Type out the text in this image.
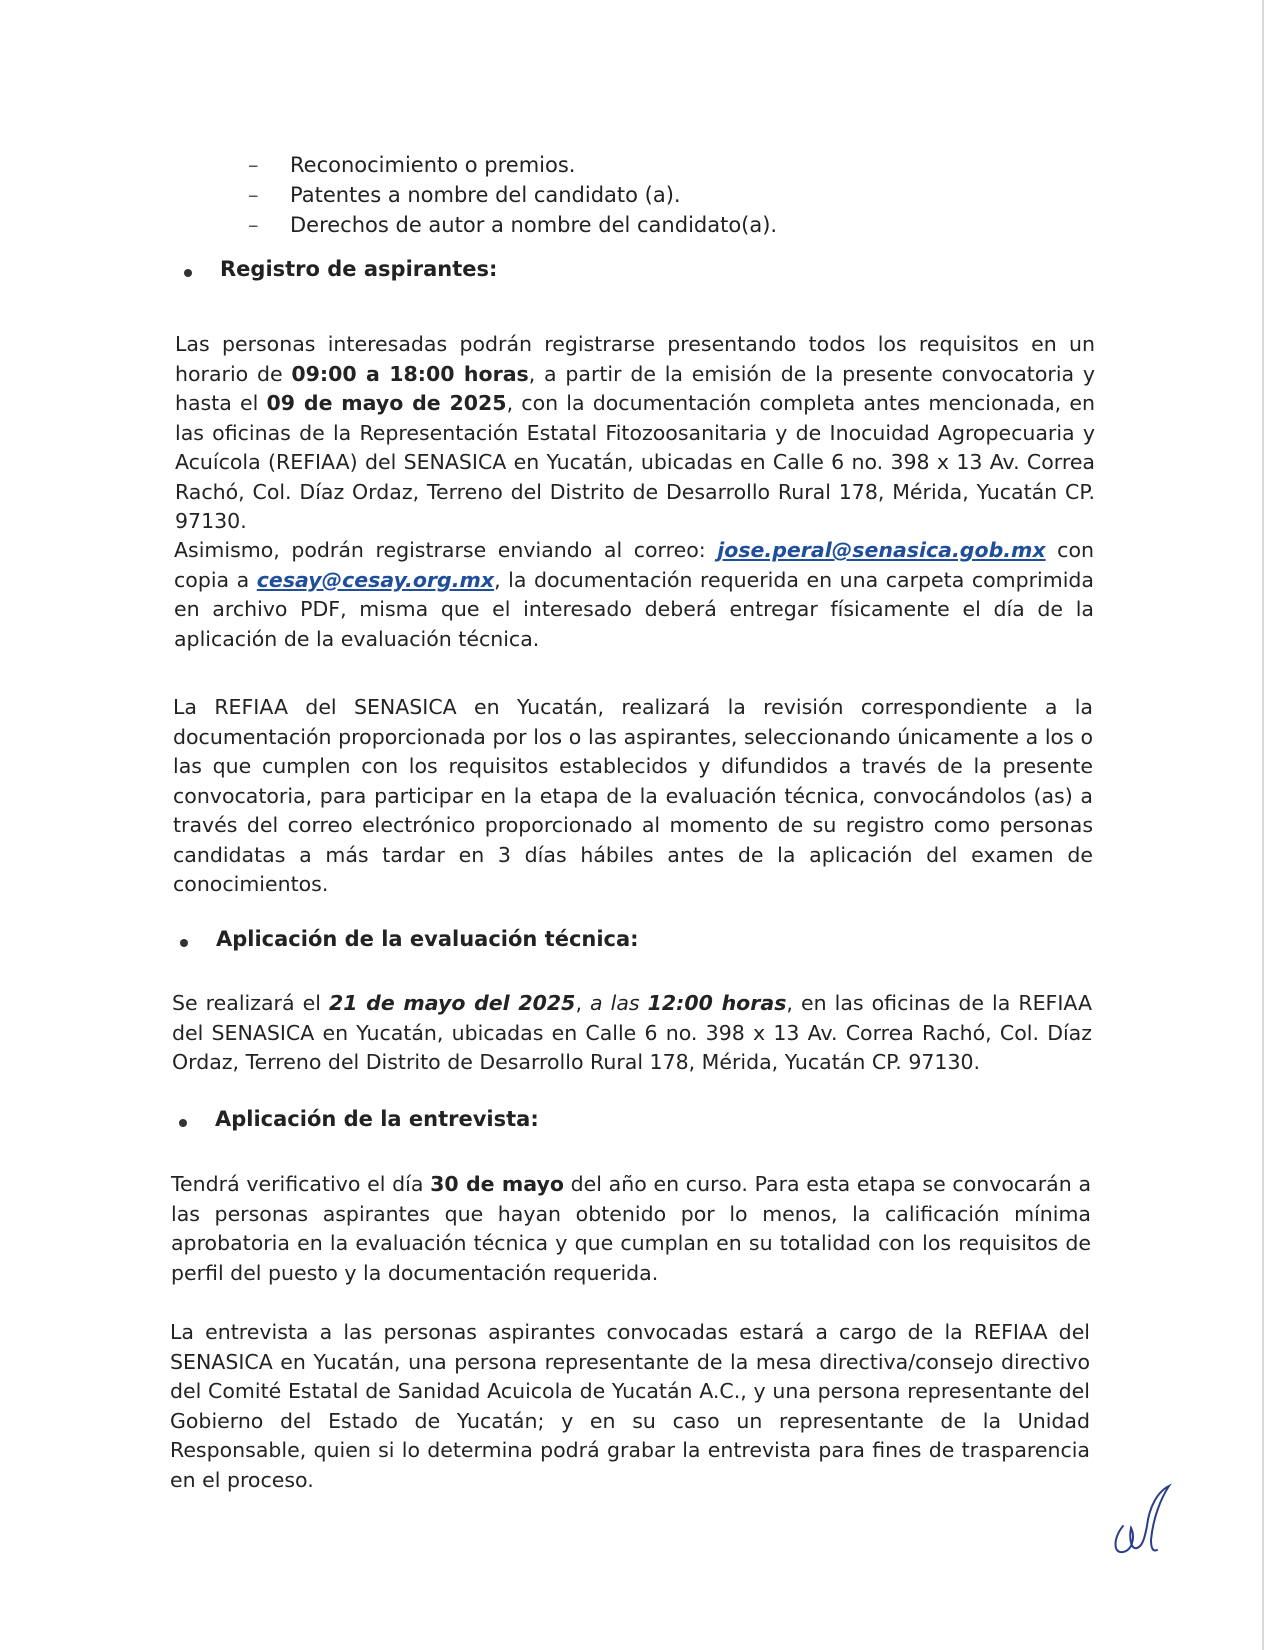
– Reconocimiento o premios.
– Patentes a nombre del candidato (a).
– Derechos de autor a nombre del candidato(a).
Registro de aspirantes:

Las personas interesadas podrán registrarse presentando todos los requisitos en un horario de 09:00 a 18:00 horas, a partir de la emisión de la presente convocatoria y hasta el 09 de mayo de 2025, con la documentación completa antes mencionada, en las oficinas de la Representación Estatal Fitozoosanitaria y de Inocuidad Agropecuaria y Acuícola (REFIAA) del SENASICA en Yucatán, ubicadas en Calle 6 no. 398 x 13 Av. Correa Rachó, Col. Díaz Ordaz, Terreno del Distrito de Desarrollo Rural 178, Mérida, Yucatán CP. 97130.

Asimismo, podrán registrarse enviando al correo: jose.peral@senasica.gob.mx con copia a cesay@cesay.org.mx, la documentación requerida en una carpeta comprimida en archivo PDF, misma que el interesado deberá entregar físicamente el día de la aplicación de la evaluación técnica.

La REFIAA del SENASICA en Yucatán, realizará la revisión correspondiente a la documentación proporcionada por los o las aspirantes, seleccionando únicamente a los o las que cumplen con los requisitos establecidos y difundidos a través de la presente convocatoria, para participar en la etapa de la evaluación técnica, convocándolos (as) a través del correo electrónico proporcionado al momento de su registro como personas candidatas a más tardar en 3 días hábiles antes de la aplicación del examen de conocimientos.

Aplicación de la evaluación técnica:

Se realizará el 21 de mayo del 2025, a las 12:00 horas, en las oficinas de la REFIAA del SENASICA en Yucatán, ubicadas en Calle 6 no. 398 x 13 Av. Correa Rachó, Col. Díaz Ordaz, Terreno del Distrito de Desarrollo Rural 178, Mérida, Yucatán CP. 97130.

Aplicación de la entrevista:

Tendrá verificativo el día 30 de mayo del año en curso. Para esta etapa se convocarán a las personas aspirantes que hayan obtenido por lo menos, la calificación mínima aprobatoria en la evaluación técnica y que cumplan en su totalidad con los requisitos de perfil del puesto y la documentación requerida.

La entrevista a las personas aspirantes convocadas estará a cargo de la REFIAA del SENASICA en Yucatán, una persona representante de la mesa directiva/consejo directivo del Comité Estatal de Sanidad Acuicola de Yucatán A.C., y una persona representante del Gobierno del Estado de Yucatán; y en su caso un representante de la Unidad Responsable, quien si lo determina podrá grabar la entrevista para fines de trasparencia en el proceso.
